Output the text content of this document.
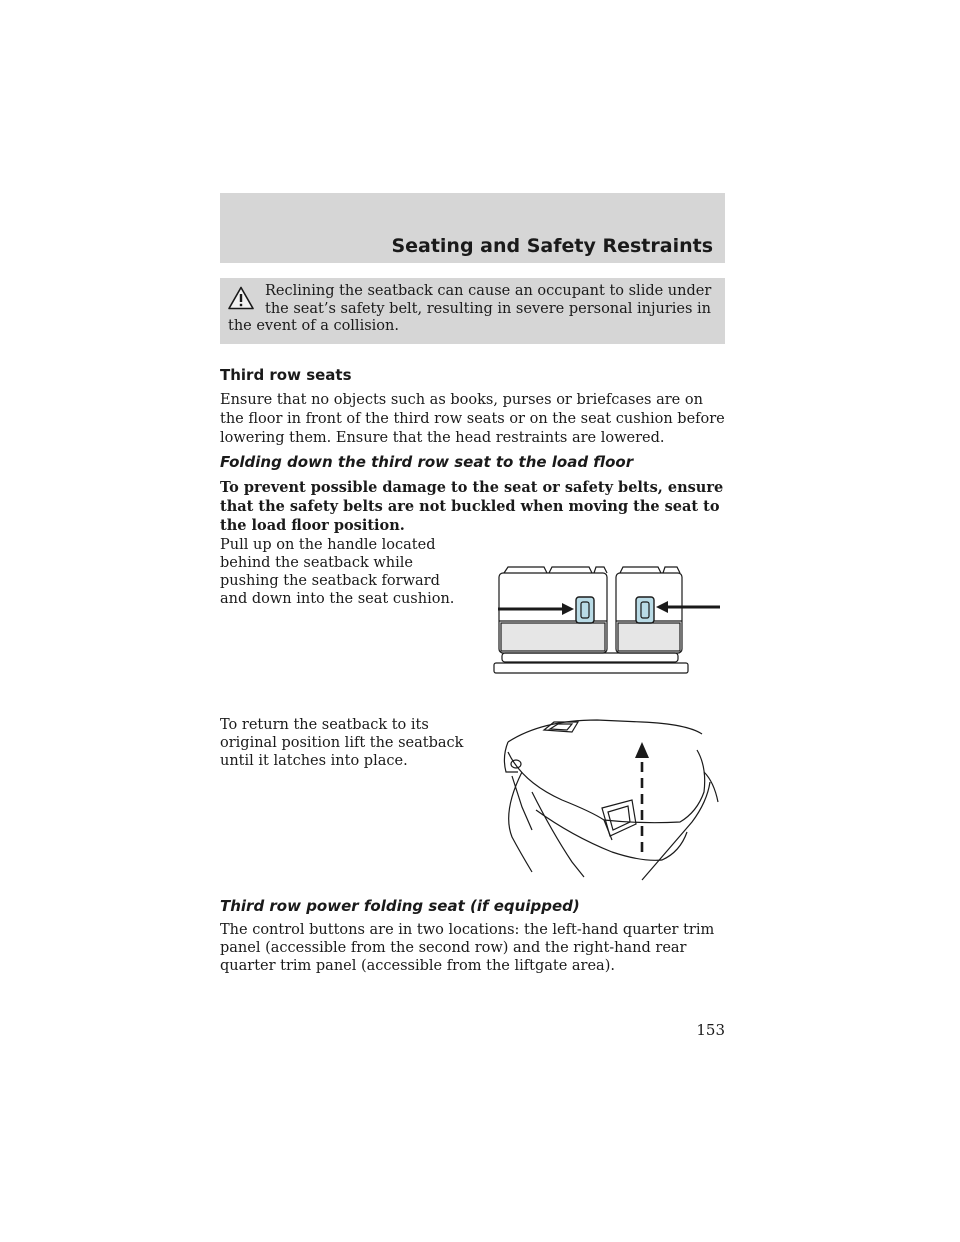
Seating and Safety Restraints

Reclining the seatback can cause an occupant to slide under the seat’s safety belt, resulting in severe personal injuries in the event of a collision.

Third row seats

Ensure that no objects such as books, purses or briefcases are on the floor in front of the third row seats or on the seat cushion before lowering them. Ensure that the head restraints are lowered.

Folding down the third row seat to the load floor

To prevent possible damage to the seat or safety belts, ensure that the safety belts are not buckled when moving the seat to the load floor position.

Pull up on the handle located behind the seatback while pushing the seatback forward and down into the seat cushion.

To return the seatback to its original position lift the seatback until it latches into place.

Third row power folding seat (if equipped)

The control buttons are in two locations: the left-hand quarter trim panel (accessible from the second row) and the right-hand rear quarter trim panel (accessible from the liftgate area).

153
